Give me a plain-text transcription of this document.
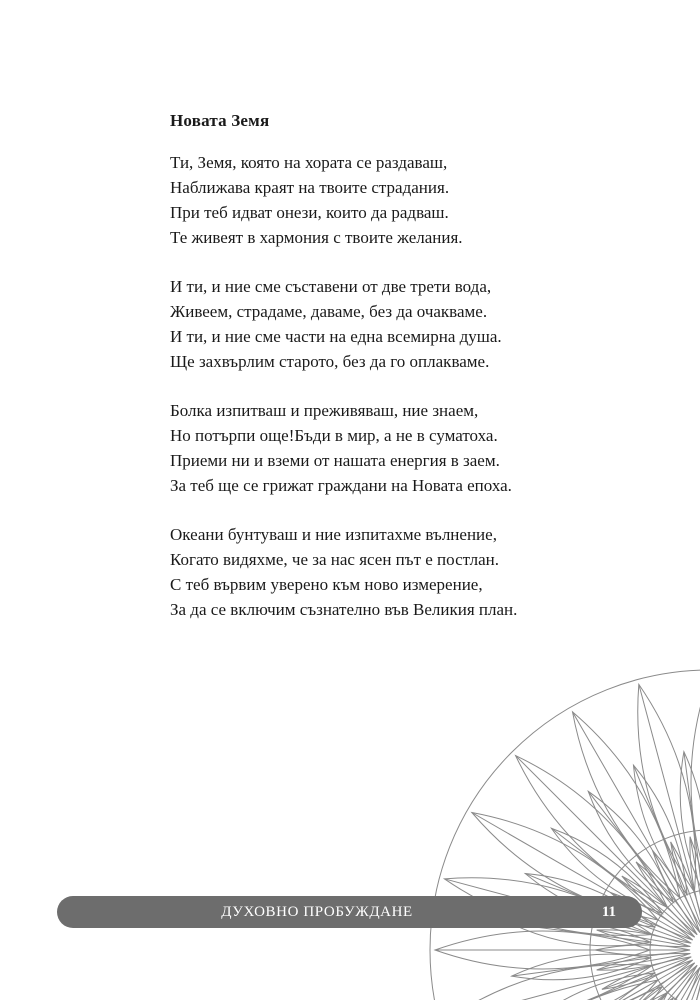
Новата Земя
Ти, Земя, която на хората се раздаваш,
Наближава краят на твоите страдания.
При теб идват онези, които да радваш.
Те живеят в хармония с твоите желания.
И ти, и ние сме съставени от две трети вода,
Живеем, страдаме, даваме, без да очакваме.
И ти, и ние сме части на една всемирна душа.
Ще захвърлим старото, без да го оплакваме.
Болка изпитваш и преживяваш, ние знаем,
Но потърпи още!Бъди в мир, а не в суматоха.
Приеми ни и вземи от нашата енергия в заем.
За теб ще се грижат граждани на Новата епоха.
Океани бунтуваш и ние изпитахме вълнение,
Когато видяхме, че за нас ясен път е постлан.
С теб вървим уверено към ново измерение,
За да се включим съзнателно във Великия план.
ДУХОВНО ПРОБУЖДАНЕ	11
